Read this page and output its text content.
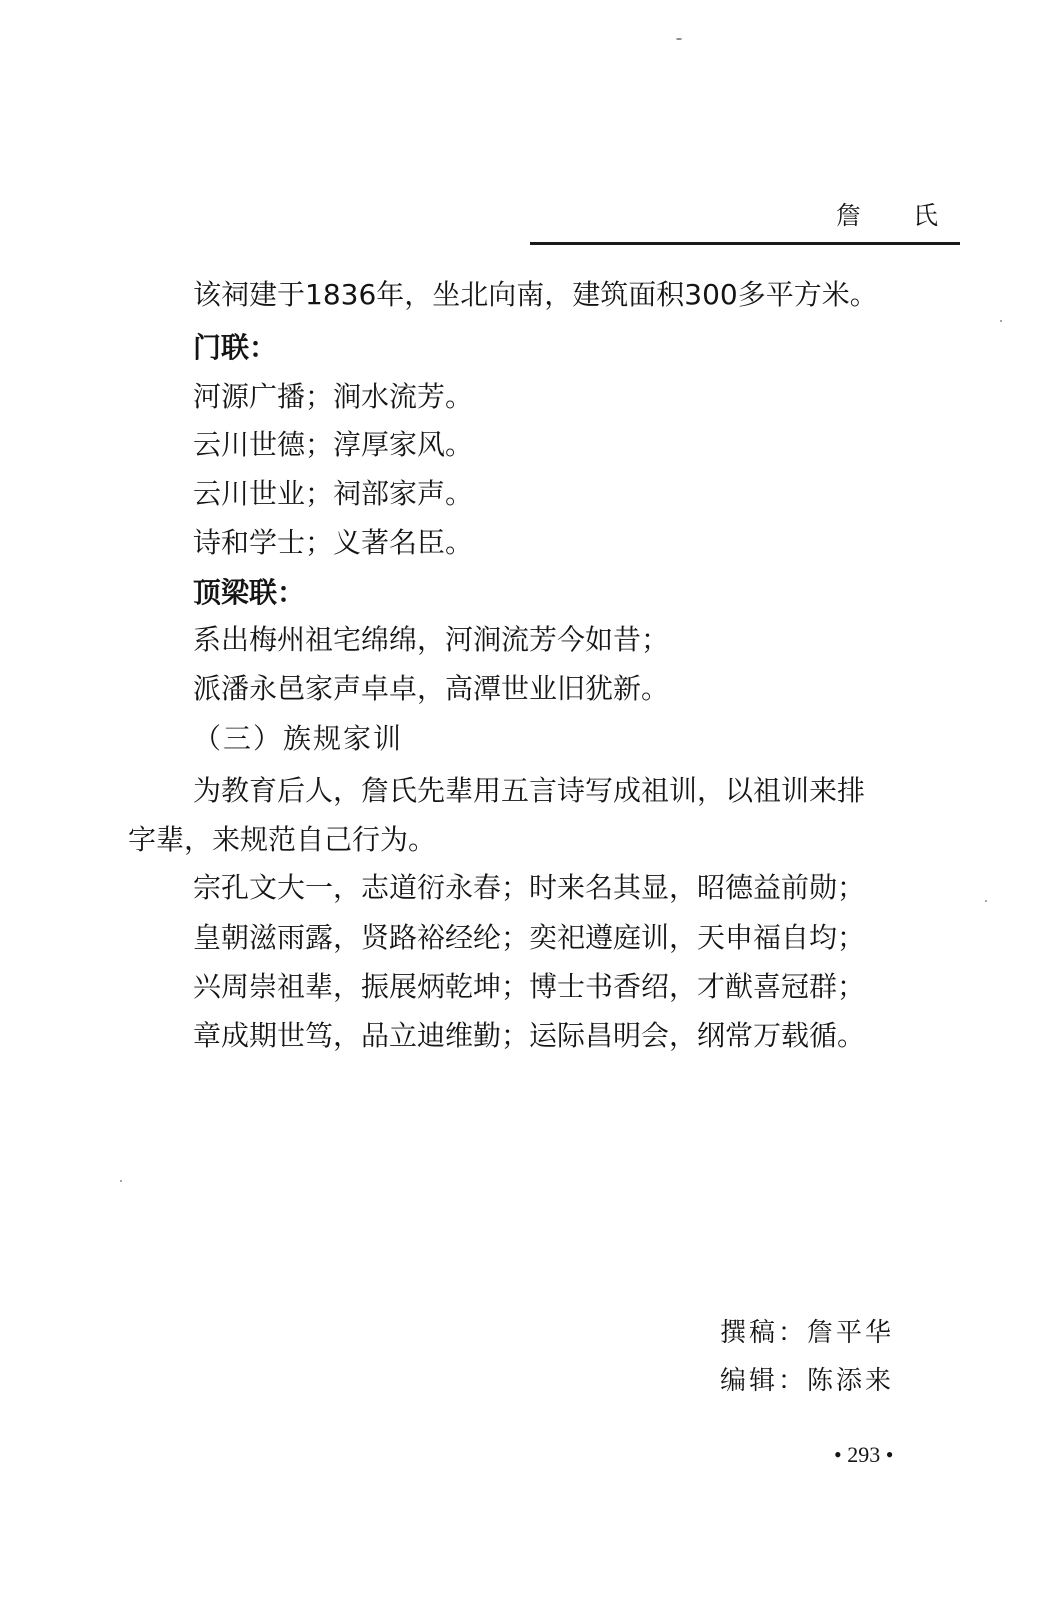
詹 氏
该祠建于1836年，坐北向南，建筑面积300多平方米。
门联：
河源广播；涧水流芳。
云川世德；淳厚家风。
云川世业；祠部家声。
诗和学士；义著名臣。
顶梁联：
系出梅州祖宅绵绵，河涧流芳今如昔；
派潘永邑家声卓卓，高潭世业旧犹新。
（三）族规家训
为教育后人，詹氏先辈用五言诗写成祖训，以祖训来排
字辈，来规范自己行为。
宗孔文大一，志道衍永春；时来名其显，昭德益前勋；
皇朝滋雨露，贤路裕经纶；奕祀遵庭训，天申福自均；
兴周崇祖辈，振展炳乾坤；博士书香绍，才猷喜冠群；
章成期世笃，品立迪维勤；运际昌明会，纲常万载循。
撰稿：詹平华
编辑：陈添来
• 293 •
